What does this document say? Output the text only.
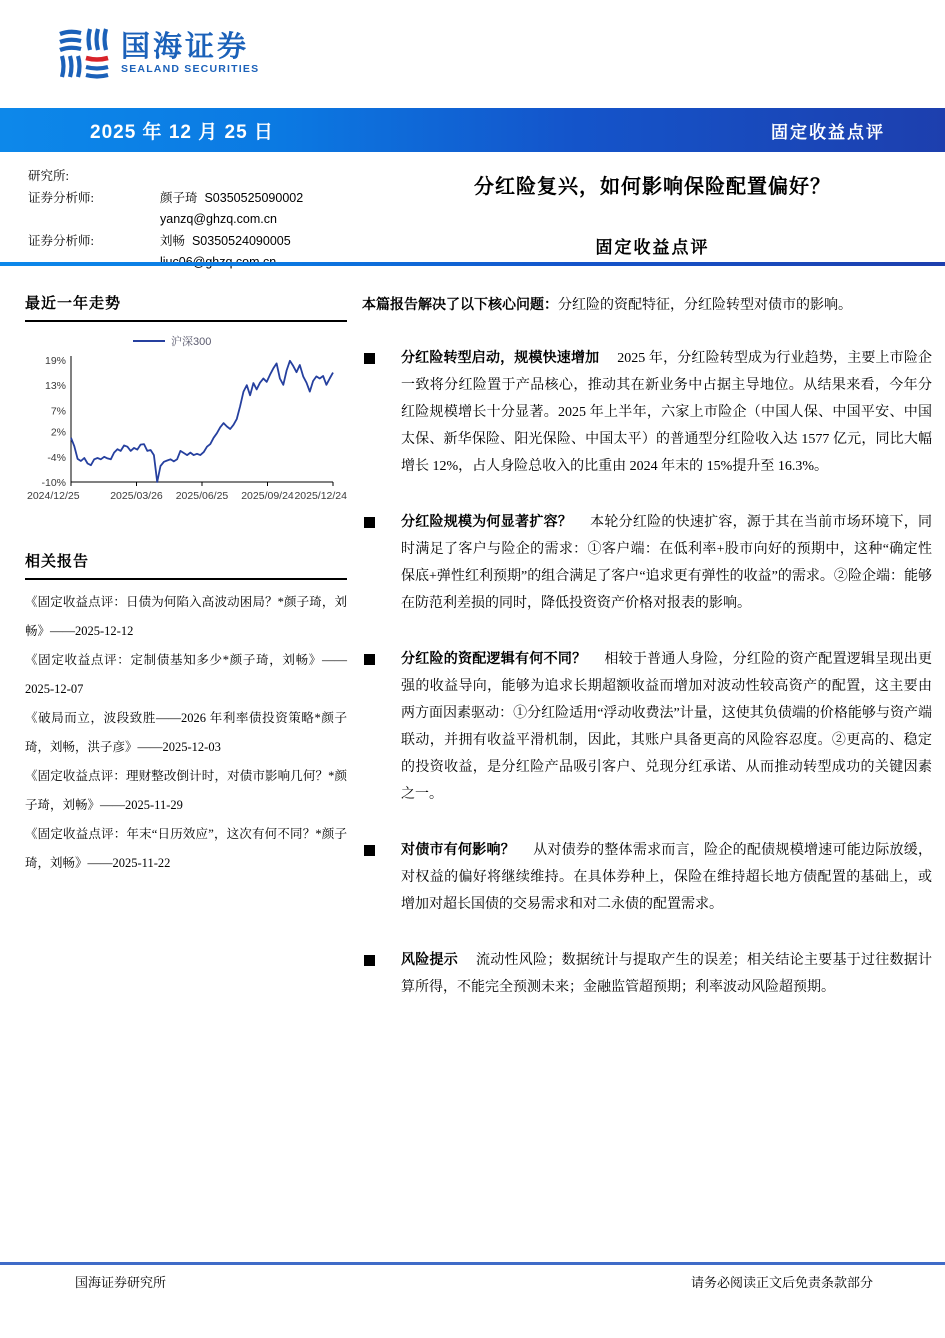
国海证券
SEALAND SECURITIES
2025 年 12 月 25 日	固定收益点评
研究所:
证券分析师:	颜子琦 S0350525090002
yanzq@ghzq.com.cn
证券分析师:	刘畅 S0350524090005
分红险复兴，如何影响保险配置偏好？
固定收益点评
最近一年走势
沪深300
19%
13%
7%
2%
-4%
-10%
2024/12/25	2025/03/26 2025/06/25 2025/09/24 2025/12/24
相关报告

《固定收益点评：日债为何陷入高波动困局？*颜子琦，刘畅》——2025-12-12

《固定收益点评：定制债基知多少*颜子琦，刘畅》——2025-12-07

《破局而立，波段致胜——2026 年利率债投资策略*颜子琦，刘畅，洪子彦》——2025-12-03

《固定收益点评：理财整改倒计时，对债市影响几何？*颜子琦，刘畅》——2025-11-29

《固定收益点评：年末“日历效应”，这次有何不同？*颜子琦，刘畅》——2025-11-22

本篇报告解决了以下核心问题：分红险的资配特征，分红险转型对债市的影响。

分红险转型启动，规模快速增加 2025 年，分红险转型成为行业趋势，主要上市险企一致将分红险置于产品核心，推动其在新业务中占据主导地位。从结果来看，今年分红险规模增长十分显著。2025 年上半年，六家上市险企（中国人保、中国平安、中国太保、新华保险、阳光保险、中国太平）的普通型分红险收入达 1577 亿元，同比大幅增长 12%，占人身险总收入的比重由 2024 年末的 15%提升至 16.3%。
分红险规模为何显著扩容？ 本轮分红险的快速扩容，源于其在当前市场环境下，同时满足了客户与险企的需求：①客户端：在低利率+股市向好的预期中，这种“确定性保底+弹性红利预期”的组合满足了客户“追求更有弹性的收益”的需求。②险企端：能够在防范利差损的同时，降低投资资产价格对报表的影响。
分红险的资配逻辑有何不同？ 相较于普通人身险，分红险的资产配置逻辑呈现出更强的收益导向，能够为追求长期超额收益而增加对波动性较高资产的配置，这主要由两方面因素驱动：①分红险适用“浮动收费法”计量，这使其负债端的价格能够与资产端联动，并拥有收益平滑机制，因此，其账户具备更高的风险容忍度。②更高的、稳定的投资收益，是分红险产品吸引客户、兑现分红承诺、从而推动转型成功的关键因素之一。
对债市有何影响？ 从对债券的整体需求而言，险企的配债规模增速可能边际放缓，对权益的偏好将继续维持。在具体券种上，保险在维持超长地方债配置的基础上，或增加对超长国债的交易需求和对二永债的配置需求。
风险提示 流动性风险；数据统计与提取产生的误差；相关结论主要基于过往数据计算所得，不能完全预测未来；金融监管超预期；利率波动风险超预期。
国海证券研究所	请务必阅读正文后免责条款部分
